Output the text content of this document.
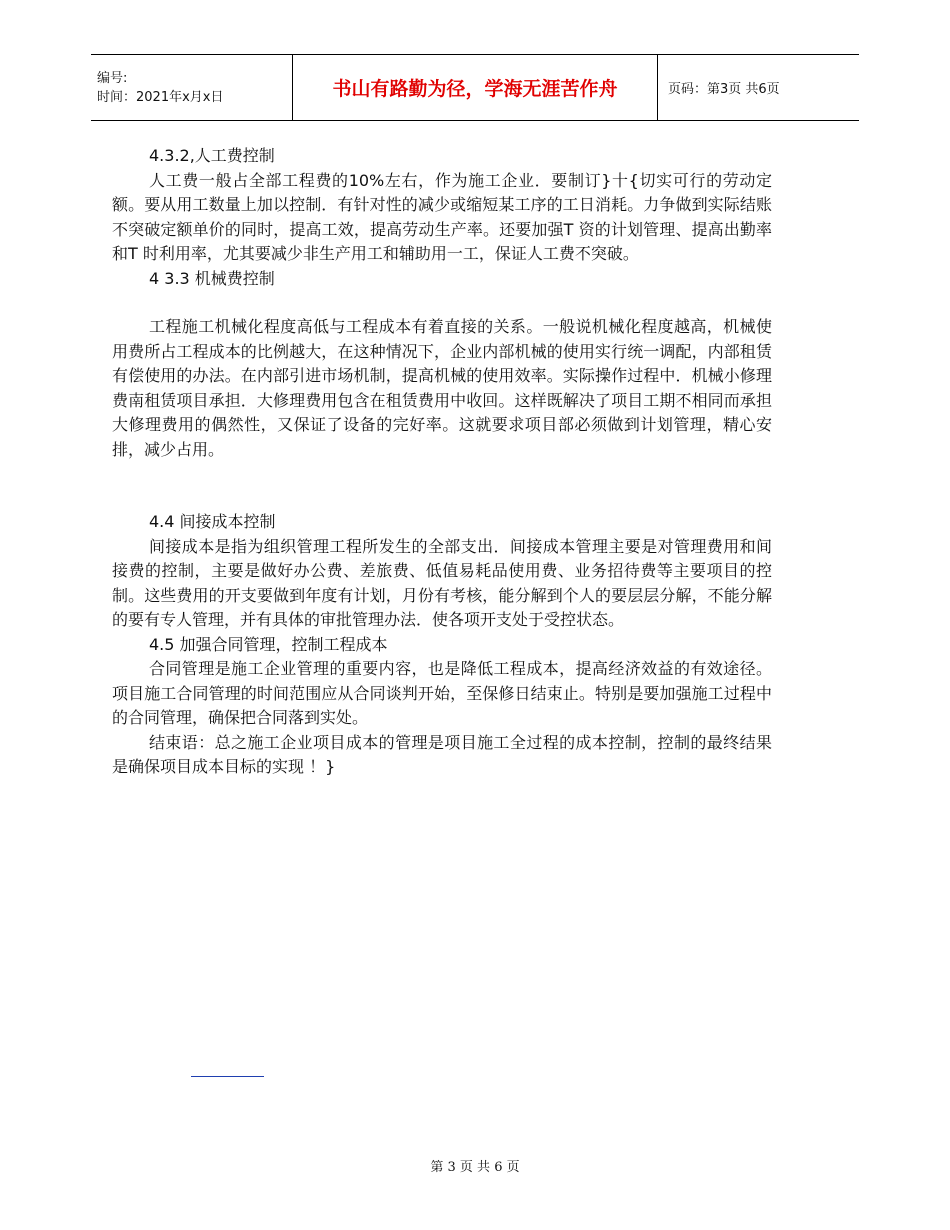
编号:
时间：2021年x月x日	书山有路勤为径，学海无涯苦作舟	页码：第3页 共6页

4.3.2,人工费控制

人工费一般占全部工程费的10%左右，作为施工企业．要制订}十{切实可行的劳动定额。要从用工数量上加以控制．有针对性的减少或缩短某工序的工日消耗。力争做到实际结账不突破定额单价的同时，提高工效，提高劳动生产率。还要加强T 资的计划管理、提高出勤率和T 时利用率，尤其要减少非生产用工和辅助用一工，保证人工费不突破。

4 3.3 机械费控制

工程施工机械化程度高低与工程成本有着直接的关系。一般说机械化程度越高，机械使用费所占工程成本的比例越大，在这种情况下，企业内部机械的使用实行统一调配，内部租赁有偿使用的办法。在内部引进市场机制，提高机械的使用效率。实际操作过程中．机械小修理费南租赁项目承担．大修理费用包含在租赁费用中收回。这样既解决了项目工期不相同而承担大修理费用的偶然性，又保证了设备的完好率。这就要求项目部必须做到计划管理，精心安排，减少占用。

4.4 间接成本控制

间接成本是指为组织管理工程所发生的全部支出．间接成本管理主要是对管理费用和间接费的控制，主要是做好办公费、差旅费、低值易耗品使用费、业务招待费等主要项目的控制。这些费用的开支要做到年度有计划，月份有考核，能分解到个人的要层层分解，不能分解的要有专人管理，并有具体的审批管理办法．使各项开支处于受控状态。

4.5 加强合同管理，控制工程成本

合同管理是施工企业管理的重要内容，也是降低工程成本，提高经济效益的有效途径。项目施工合同管理的时间范围应从合同谈判开始，至保修日结束止。特别是要加强施工过程中的合同管理，确保把合同落到实处。

结束语：总之施工企业项目成本的管理是项目施工全过程的成本控制，控制的最终结果是确保项目成本目标的实现 ！}

第 3 页 共 6 页
